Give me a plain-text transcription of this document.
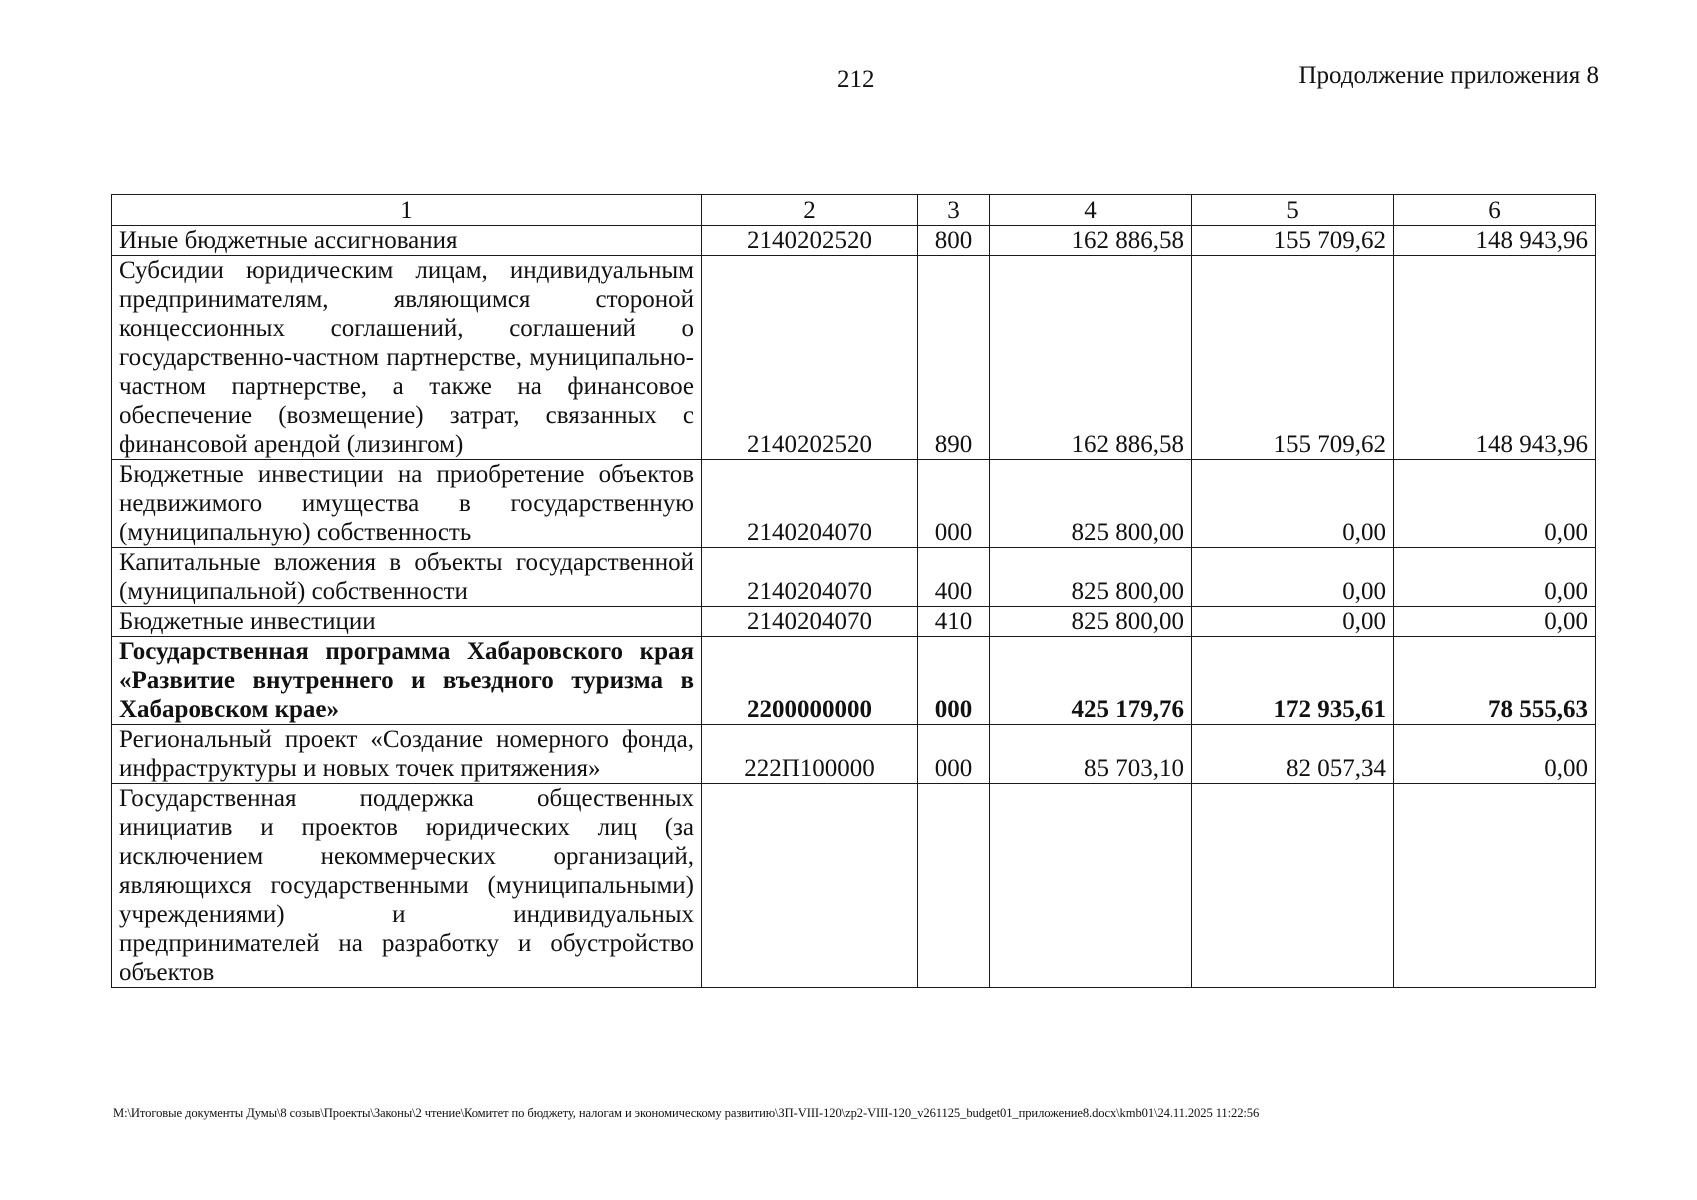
212	Продолжение приложения 8
1	2	3	4	5	6
Иные бюджетные ассигнования	2140202520	800	162 886,58	155 709,62	148 943,96
Субсидии юридическим лицам, индивидуальным предпринимателям, являющимся стороной концессионных соглашений, соглашений о государственно-частном партнерстве, муниципально-частном партнерстве, а также на финансовое обеспечение (возмещение) затрат, связанных с финансовой арендой (лизингом)	2140202520	890	162 886,58	155 709,62	148 943,96
Бюджетные инвестиции на приобретение объектов недвижимого имущества в государственную (муниципальную) собственность	2140204070	000	825 800,00	0,00	0,00
Капитальные вложения в объекты государственной (муниципальной) собственности	2140204070	400	825 800,00	0,00	0,00
Бюджетные инвестиции	2140204070	410	825 800,00	0,00	0,00
Государственная программа Хабаровского края «Развитие внутреннего и въездного туризма в Хабаровском крае»	2200000000	000	425 179,76	172 935,61	78 555,63
Региональный проект «Создание номерного фонда, инфраструктуры и новых точек притяжения»	222П100000	000	85 703,10	82 057,34	0,00
Государственная поддержка общественных инициатив и проектов юридических лиц (за исключением некоммерческих организаций, являющихся государственными (муниципальными) учреждениями) и индивидуальных предпринимателей на разработку и обустройство объектов					
M:\Итоговые документы Думы\8 созыв\Проекты\Законы\2 чтение\Комитет по бюджету, налогам и экономическому развитию\ЗП-VIII-120\zp2-VIII-120_v261125_budget01_приложение8.docx\kmb01\24.11.2025 11:22:56
